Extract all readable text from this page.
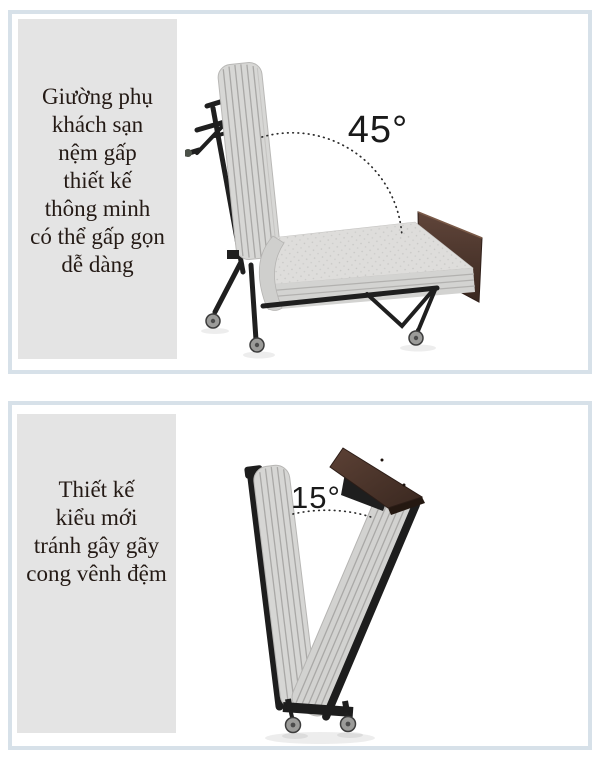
Giường phụ
khách sạn
nệm gấp
thiết kế
thông minh
có thể gấp gọn
dễ dàng
45°
Thiết kế
kiểu mới
tránh gây gãy
cong vênh đệm
15°
